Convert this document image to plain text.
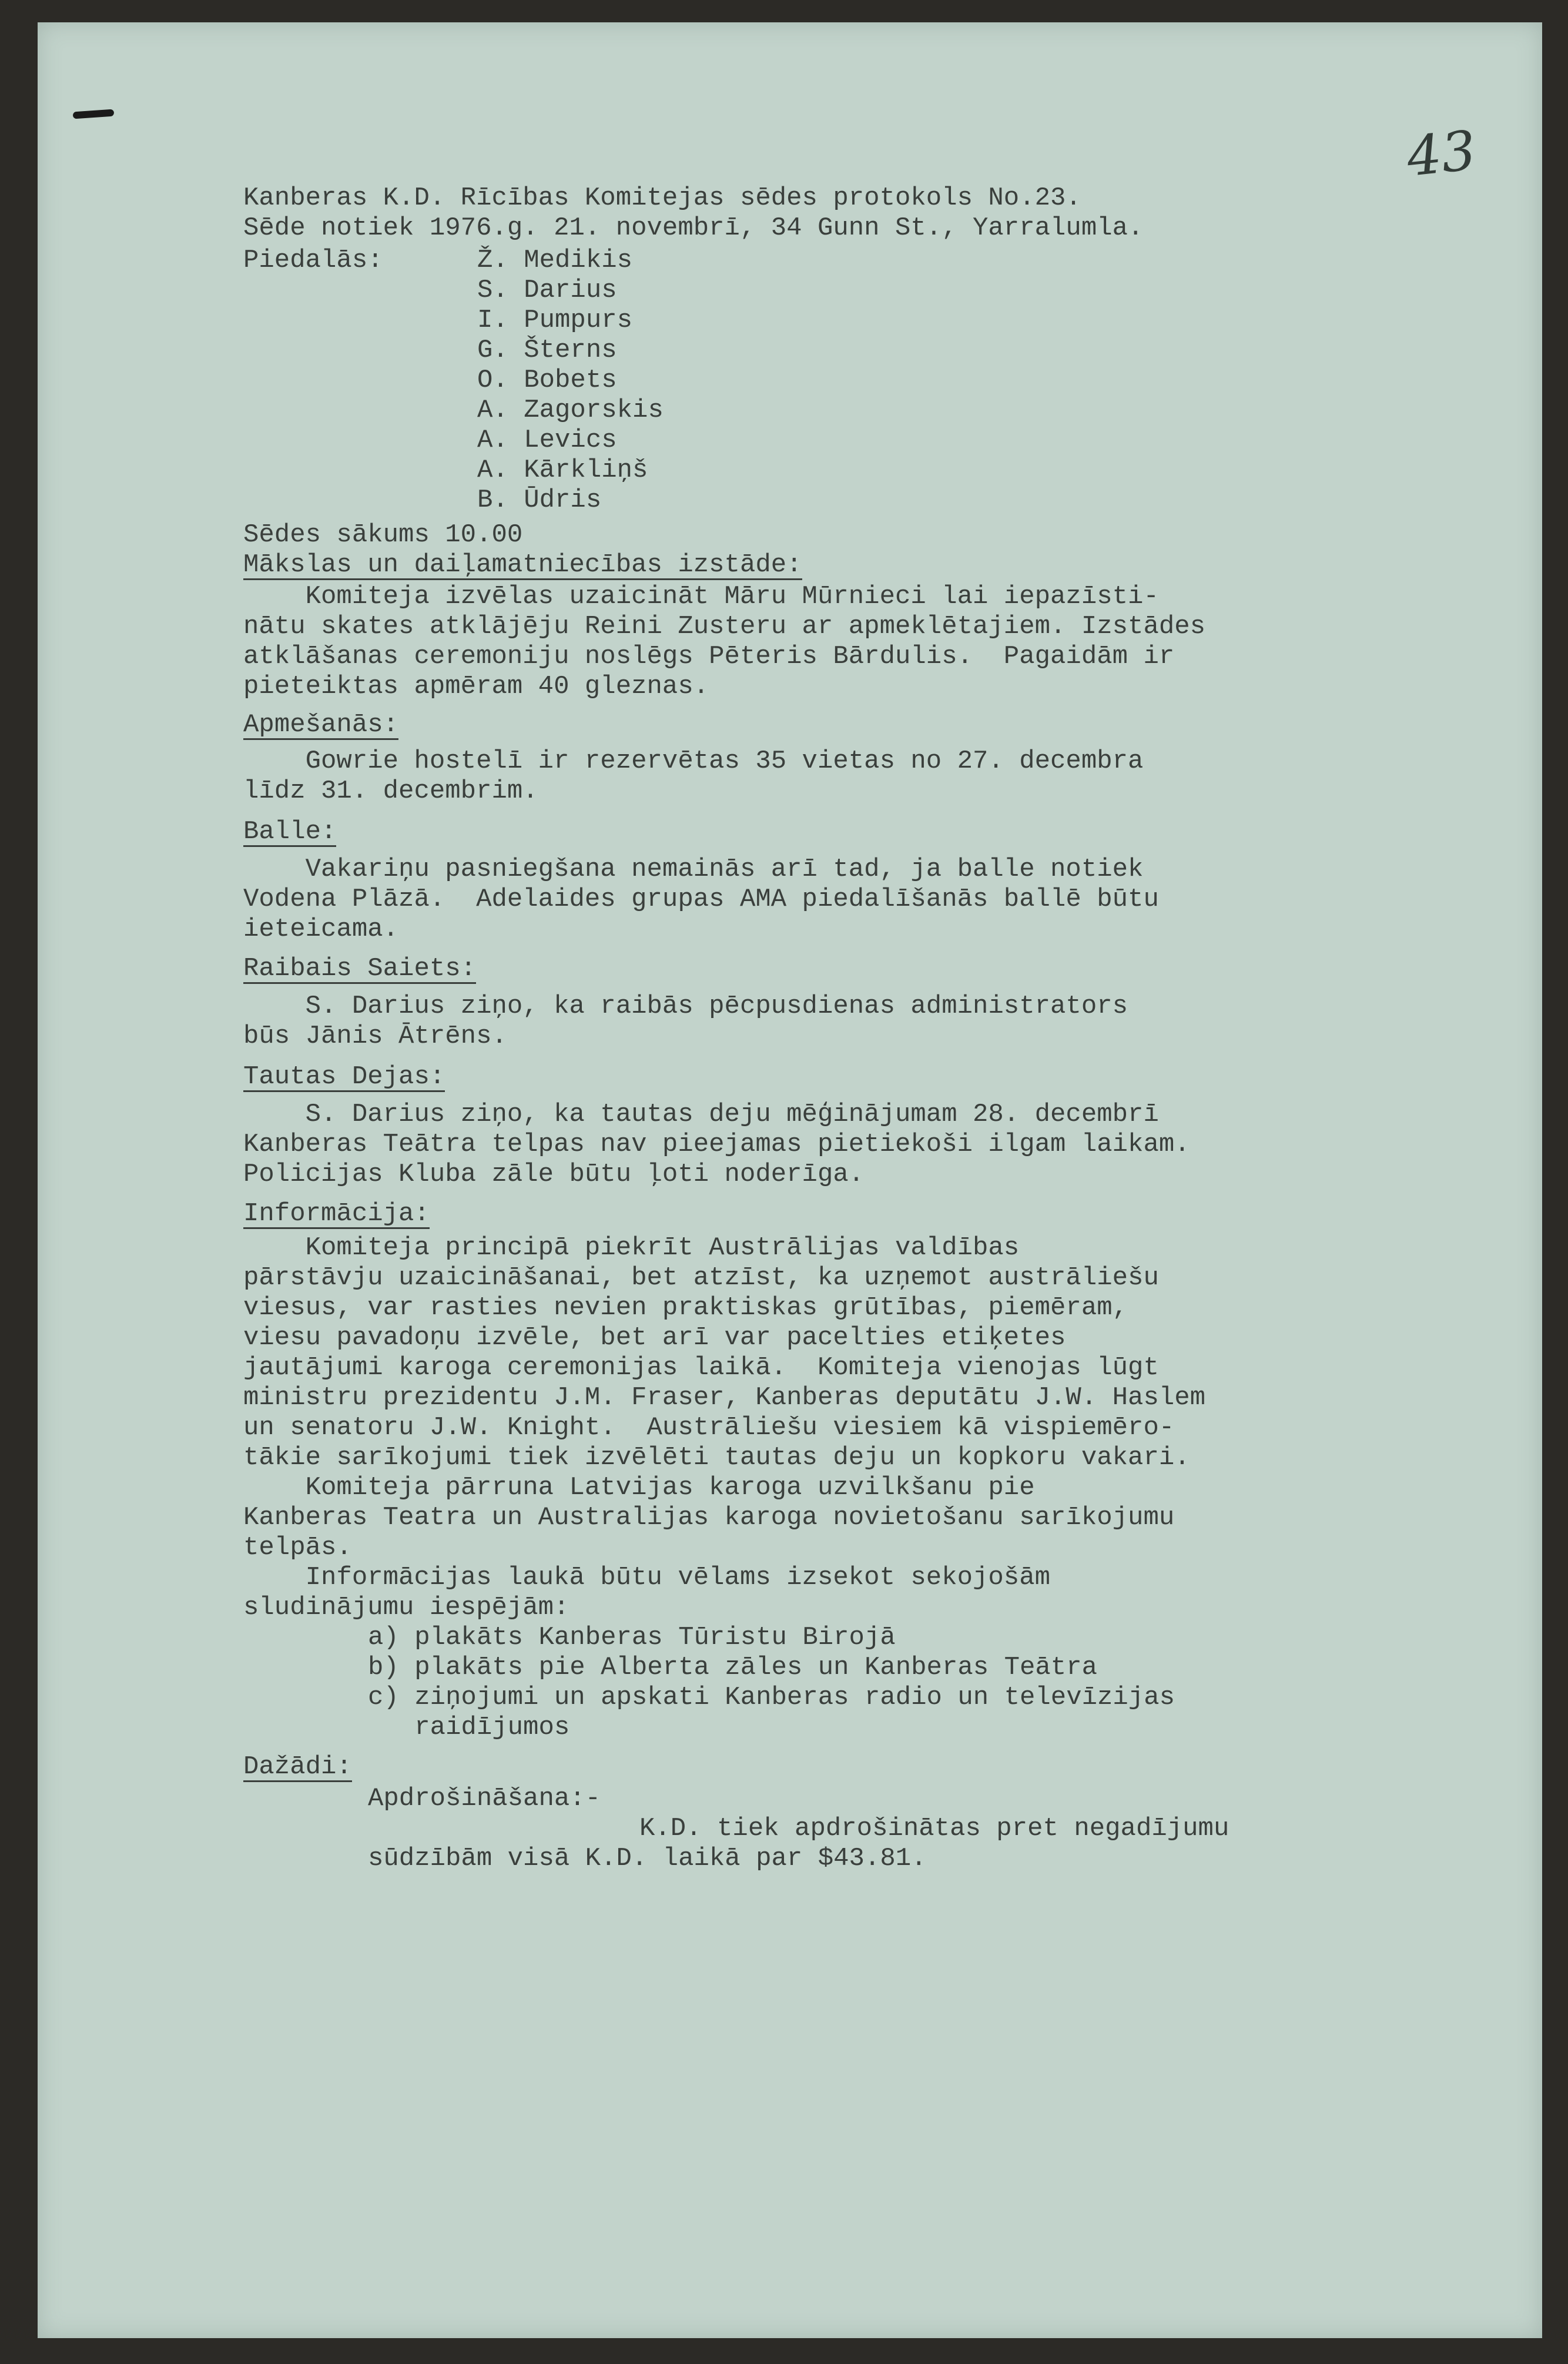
43
Kanberas K.D. Rīcības Komitejas sēdes protokols No.23.
Sēde notiek 1976.g. 21. novembrī, 34 Gunn St., Yarralumla.
Piedalās:	Ž. Medikis
S. Darius
I. Pumpurs
G. Šterns
O. Bobets
A. Zagorskis
A. Levics
A. Kārkliņš
B. Ūdris
Sēdes sākums 10.00
Mākslas un daiļamatniecības izstāde:
Komiteja izvēlas uzaicināt Māru Mūrnieci lai iepazīsti-
nātu skates atklājēju Reini Zusteru ar apmeklētajiem. Izstādes
atklāšanas ceremoniju noslēgs Pēteris Bārdulis.  Pagaidām ir
pieteiktas apmēram 40 gleznas.
Apmešanās:
Gowrie hostelī ir rezervētas 35 vietas no 27. decembra
līdz 31. decembrim.
Balle:
Vakariņu pasniegšana nemainās arī tad, ja balle notiek
Vodena Plāzā.  Adelaides grupas AMA piedalīšanās ballē būtu
ieteicama.
Raibais Saiets:
S. Darius ziņo, ka raibās pēcpusdienas administrators
būs Jānis Ātrēns.
Tautas Dejas:
S. Darius ziņo, ka tautas deju mēģinājumam 28. decembrī
Kanberas Teātra telpas nav pieejamas pietiekoši ilgam laikam.
Policijas Kluba zāle būtu ļoti noderīga.
Informācija:
Komiteja principā piekrīt Austrālijas valdības
pārstāvju uzaicināšanai, bet atzīst, ka uzņemot austrāliešu
viesus, var rasties nevien praktiskas grūtības, piemēram,
viesu pavadoņu izvēle, bet arī var pacelties etiķetes
jautājumi karoga ceremonijas laikā.  Komiteja vienojas lūgt
ministru prezidentu J.M. Fraser, Kanberas deputātu J.W. Haslem
un senatoru J.W. Knight.  Austrāliešu viesiem kā vispiemēro-
tākie sarīkojumi tiek izvēlēti tautas deju un kopkoru vakari.
Komiteja pārruna Latvijas karoga uzvilkšanu pie
Kanberas Teatra un Australijas karoga novietošanu sarīkojumu
telpās.
Informācijas laukā būtu vēlams izsekot sekojošām
sludinājumu iespējām:
a) plakāts Kanberas Tūristu Birojā
b) plakāts pie Alberta zāles un Kanberas Teātra
c) ziņojumi un apskati Kanberas radio un televīzijas
raidījumos
Dažādi:
Apdrošināšana:-
K.D. tiek apdrošinātas pret negadījumu
sūdzībām visā K.D. laikā par $43.81.
